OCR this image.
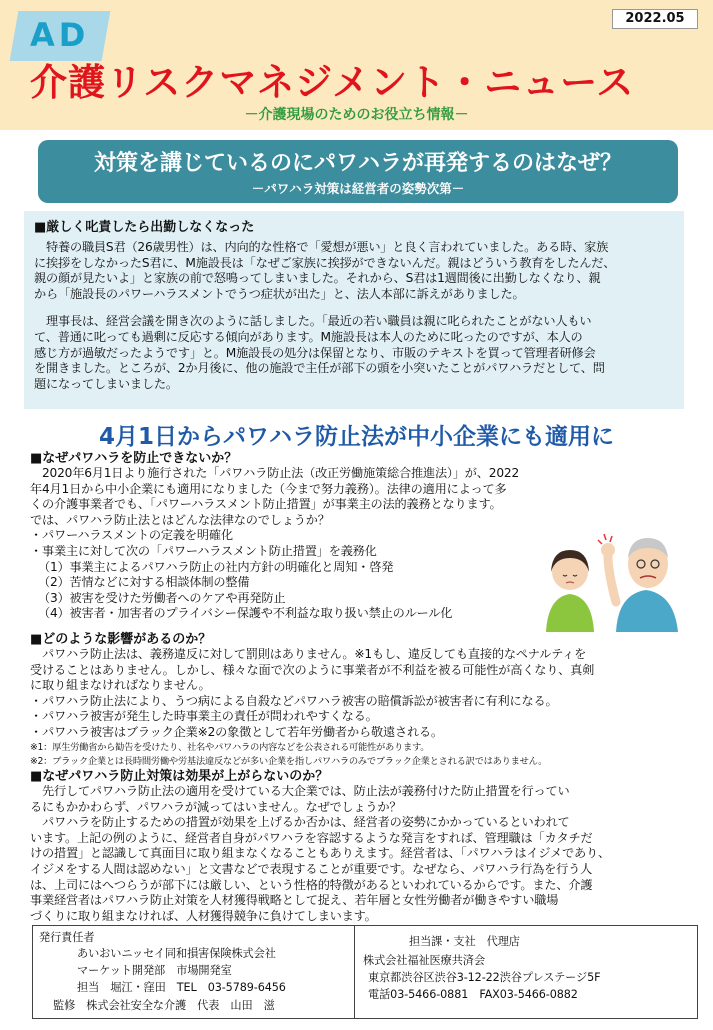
AD	2022.05
介護リスクマネジメント・ニュース
－介護現場のためのお役立ち情報－
対策を講じているのにパワハラが再発するのはなぜ？
－パワハラ対策は経営者の姿勢次第－
■厳しく叱責したら出勤しなくなった
　特養の職員S君（26歳男性）は、内向的な性格で「愛想が悪い」と良く言われていました。ある時、家族
に挨拶をしなかったS君に、M施設長は「なぜご家族に挨拶ができないんだ。親はどういう教育をしたんだ、
親の顔が見たいよ」と家族の前で怒鳴ってしまいました。それから、S君は1週間後に出勤しなくなり、親
から「施設長のパワーハラスメントでうつ症状が出た」と、法人本部に訴えがありました。
　理事長は、経営会議を開き次のように話しました。「最近の若い職員は親に叱られたことがない人もい
て、普通に叱っても過剰に反応する傾向があります。M施設長は本人のために叱ったのですが、本人の
感じ方が過敏だったようです」と。M施設長の処分は保留となり、市販のテキストを買って管理者研修会
を開きました。ところが、2か月後に、他の施設で主任が部下の頭を小突いたことがパワハラだとして、問
題になってしまいました。
4月1日からパワハラ防止法が中小企業にも適用に
■なぜパワハラを防止できないか？
　2020年6月1日より施行された「パワハラ防止法（改正労働施策総合推進法）」が、2022
年4月1日から中小企業にも適用になりました（今まで努力義務）。法律の適用によって多
くの介護事業者でも、「パワーハラスメント防止措置」が事業主の法的義務となります。
では、パワハラ防止法とはどんな法律なのでしょうか？
・パワーハラスメントの定義を明確化
・事業主に対して次の「パワーハラスメント防止措置」を義務化
（1）事業主によるパワハラ防止の社内方針の明確化と周知・啓発
（2）苦情などに対する相談体制の整備
（3）被害を受けた労働者へのケアや再発防止
（4）被害者・加害者のプライバシー保護や不利益な取り扱い禁止のルール化
■どのような影響があるのか？
　パワハラ防止法は、義務違反に対して罰則はありません。※1もし、違反しても直接的なペナルティを
受けることはありません。しかし、様々な面で次のように事業者が不利益を被る可能性が高くなり、真剣
に取り組まなければなりません。
・パワハラ防止法により、うつ病による自殺などパワハラ被害の賠償訴訟が被害者に有利になる。
・パワハラ被害が発生した時事業主の責任が問われやすくなる。
・パワハラ被害はブラック企業※2の象徴として若年労働者から敬遠される。
※1：厚生労働省から勧告を受けたり、社名やパワハラの内容などを公表される可能性があります。
※2：ブラック企業とは長時間労働や労基法違反などが多い企業を指しパワハラのみでブラック企業とされる訳ではありません。
■なぜパワハラ防止対策は効果が上がらないのか？
　先行してパワハラ防止法の適用を受けている大企業では、防止法が義務付けた防止措置を行ってい
るにもかかわらず、パワハラが減ってはいません。なぜでしょうか？
　パワハラを防止するための措置が効果を上げるか否かは、経営者の姿勢にかかっているといわれて
います。上記の例のように、経営者自身がパワハラを容認するような発言をすれば、管理職は「カタチだ
けの措置」と認識して真面目に取り組まなくなることもありえます。経営者は、「パワハラはイジメであり、
イジメをする人間は認めない」と文書などで表現することが重要です。なぜなら、パワハラ行為を行う人
は、上司にはへつらうが部下には厳しい、という性格的特徴があるといわれているからです。また、介護
事業経営者はパワハラ防止対策を人材獲得戦略として捉え、若年層と女性労働者が働きやすい職場
づくりに取り組まなければ、人材獲得競争に負けてしまいます。
発行責任者
あいおいニッセイ同和損害保険株式会社
マーケット開発部　市場開発室
担当　堀江・窪田　TEL　03-5789-6456
監修　株式会社安全な介護　代表　山田　滋
担当課・支社　代理店
株式会社福祉医療共済会
東京都渋谷区渋谷3-12-22渋谷プレステージ5F
電話03-5466-0881　FAX03-5466-0882
